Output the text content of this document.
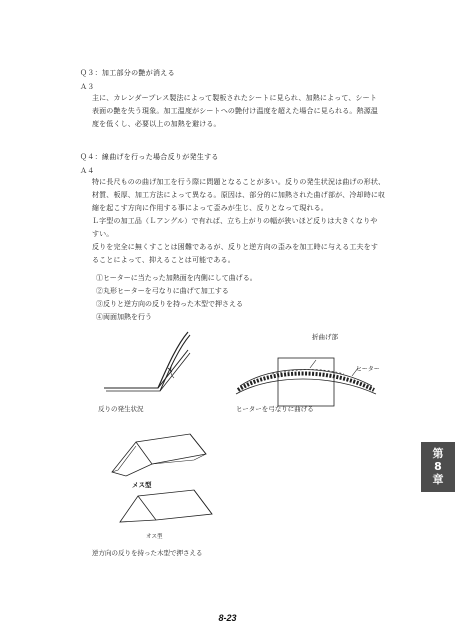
Ｑ３：加工部分の艶が消える
Ａ３
主に、カレンダープレス製法によって製板されたシートに見られ、加熱によって、シート
表面の艶を失う現象。加工温度がシートへの艶付け温度を超えた場合に見られる。熱源温
度を低くし、必要以上の加熱を避ける。
Ｑ４：線曲げを行った場合反りが発生する
Ａ４
特に長尺ものの曲げ加工を行う際に問題となることが多い。反りの発生状況は曲げの形状、
材質、板厚、加工方法によって異なる。原因は、部分的に加熱された曲げ部が、冷却時に収
縮を起こす方向に作用する事によって歪みが生じ、反りとなって現れる。
Ｌ字型の加工品（Ｌアングル）で有れば、立ち上がりの幅が狭いほど反りは大きくなりや
すい。
反りを完全に無くすことは困難であるが、反りと逆方向の歪みを加工時に与える工夫をす
ることによって、抑えることは可能である。
①ヒーターに当たった加熱面を内側にして曲げる。
②丸形ヒーターを弓なりに曲げて加工する
③反りと逆方向の反りを持った木型で押さえる
④両面加熱を行う
反りの発生状況
折曲げ部
ヒーター
ヒーターを弓なりに曲げる
メス型
オス型
逆方向の反りを持った木型で押さえる
第
8
章
8-23
